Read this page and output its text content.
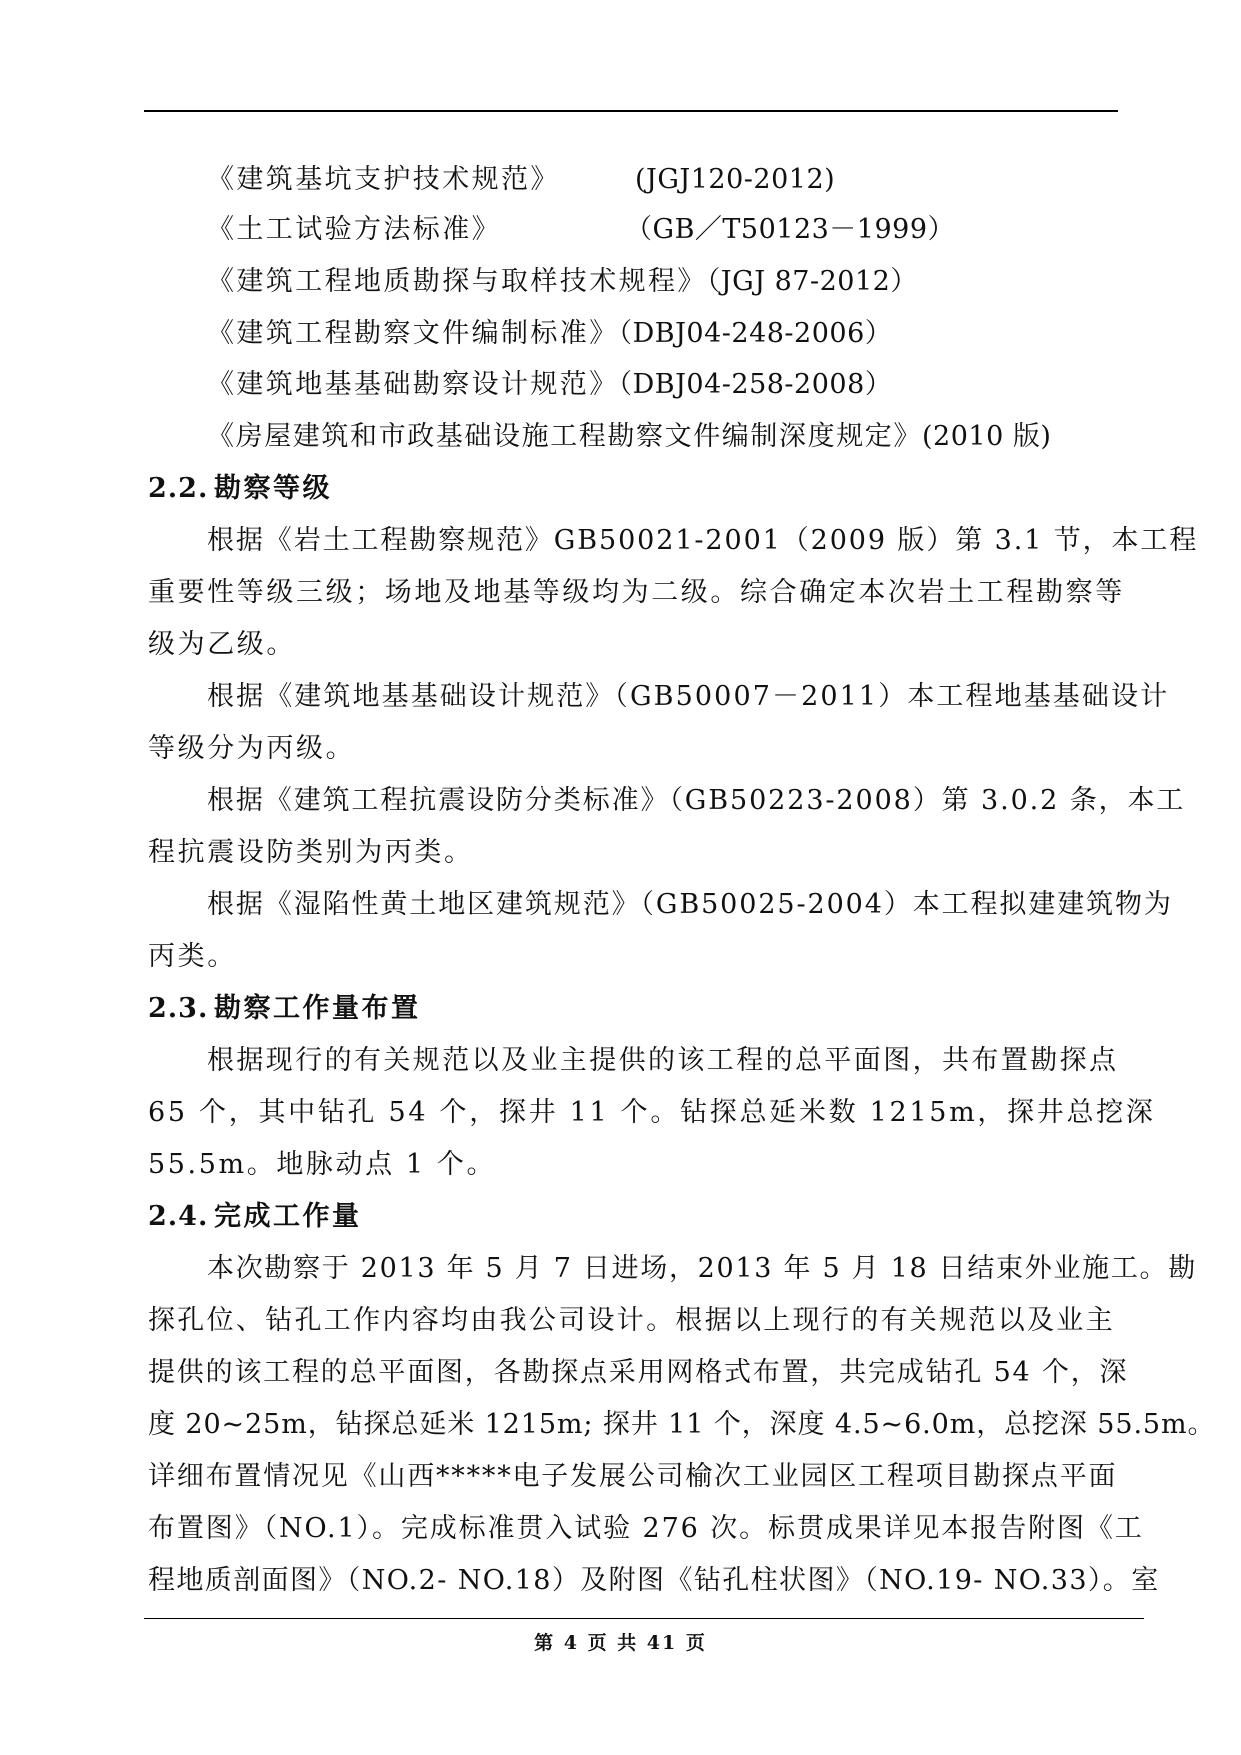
《建筑基坑支护技术规范》	(JGJ120-2012)
《土工试验方法标准》	（GB／T50123－1999）
《建筑工程地质勘探与取样技术规程》（JGJ 87-2012）
《建筑工程勘察文件编制标准》（DBJ04-248-2006）
《建筑地基基础勘察设计规范》（DBJ04-258-2008）
《房屋建筑和市政基础设施工程勘察文件编制深度规定》(2010 版)
2.2. 勘察等级
根据《岩土工程勘察规范》GB50021-2001（2009 版）第 3.1 节，本工程
重要性等级三级；场地及地基等级均为二级。综合确定本次岩土工程勘察等
级为乙级。
根据《建筑地基基础设计规范》（GB50007－2011）本工程地基基础设计
等级分为丙级。
根据《建筑工程抗震设防分类标准》（GB50223-2008）第 3.0.2 条，本工
程抗震设防类别为丙类。
根据《湿陷性黄土地区建筑规范》（GB50025-2004）本工程拟建建筑物为
丙类。
2.3. 勘察工作量布置
根据现行的有关规范以及业主提供的该工程的总平面图，共布置勘探点
65 个，其中钻孔 54 个，探井 11 个。钻探总延米数 1215m，探井总挖深
55.5m。地脉动点 1 个。
2.4. 完成工作量
本次勘察于 2013 年 5 月 7 日进场，2013 年 5 月 18 日结束外业施工。勘
探孔位、钻孔工作内容均由我公司设计。根据以上现行的有关规范以及业主
提供的该工程的总平面图，各勘探点采用网格式布置，共完成钻孔 54 个，深
度 20~25m，钻探总延米 1215m; 探井 11 个，深度 4.5~6.0m，总挖深 55.5m。
详细布置情况见《山西*****电子发展公司榆次工业园区工程项目勘探点平面
布置图》（NO.1）。完成标准贯入试验 276 次。标贯成果详见本报告附图《工
程地质剖面图》（NO.2- NO.18）及附图《钻孔柱状图》（NO.19- NO.33）。室
第 4 页 共 41 页
